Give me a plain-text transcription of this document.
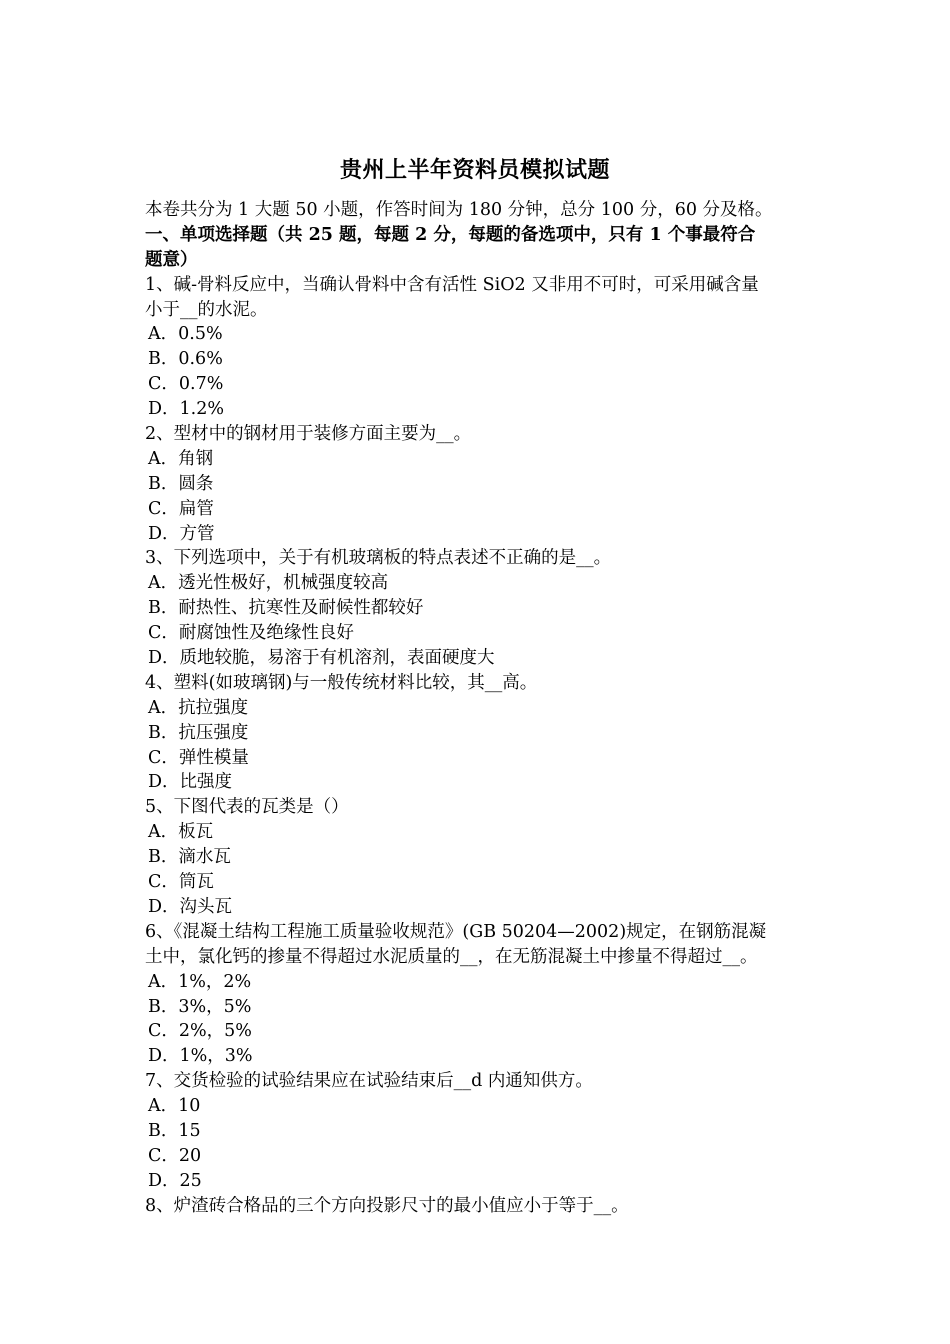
贵州上半年资料员模拟试题
本卷共分为 1 大题 50 小题，作答时间为 180 分钟，总分 100 分，60 分及格。
一、单项选择题（共 25 题，每题 2 分，每题的备选项中，只有 1 个事最符合
题意）
1、碱-骨料反应中，当确认骨料中含有活性 SiO2 又非用不可时，可采用碱含量
小于__的水泥。
A．0.5%
B．0.6%
C．0.7%
D．1.2%
2、型材中的钢材用于装修方面主要为__。
A．角钢
B．圆条
C．扁管
D．方管
3、下列选项中，关于有机玻璃板的特点表述不正确的是__。
A．透光性极好，机械强度较高
B．耐热性、抗寒性及耐候性都较好
C．耐腐蚀性及绝缘性良好
D．质地较脆，易溶于有机溶剂，表面硬度大
4、塑料(如玻璃钢)与一般传统材料比较，其__高。
A．抗拉强度
B．抗压强度
C．弹性模量
D．比强度
5、下图代表的瓦类是（）
A．板瓦
B．滴水瓦
C．筒瓦
D．沟头瓦
6、《混凝土结构工程施工质量验收规范》(GB 50204—2002)规定，在钢筋混凝
土中，氯化钙的掺量不得超过水泥质量的__，在无筋混凝土中掺量不得超过__。
A．1%，2%
B．3%，5%
C．2%，5%
D．1%，3%
7、交货检验的试验结果应在试验结束后__d 内通知供方。
A．10
B．15
C．20
D．25
8、炉渣砖合格品的三个方向投影尺寸的最小值应小于等于__。
